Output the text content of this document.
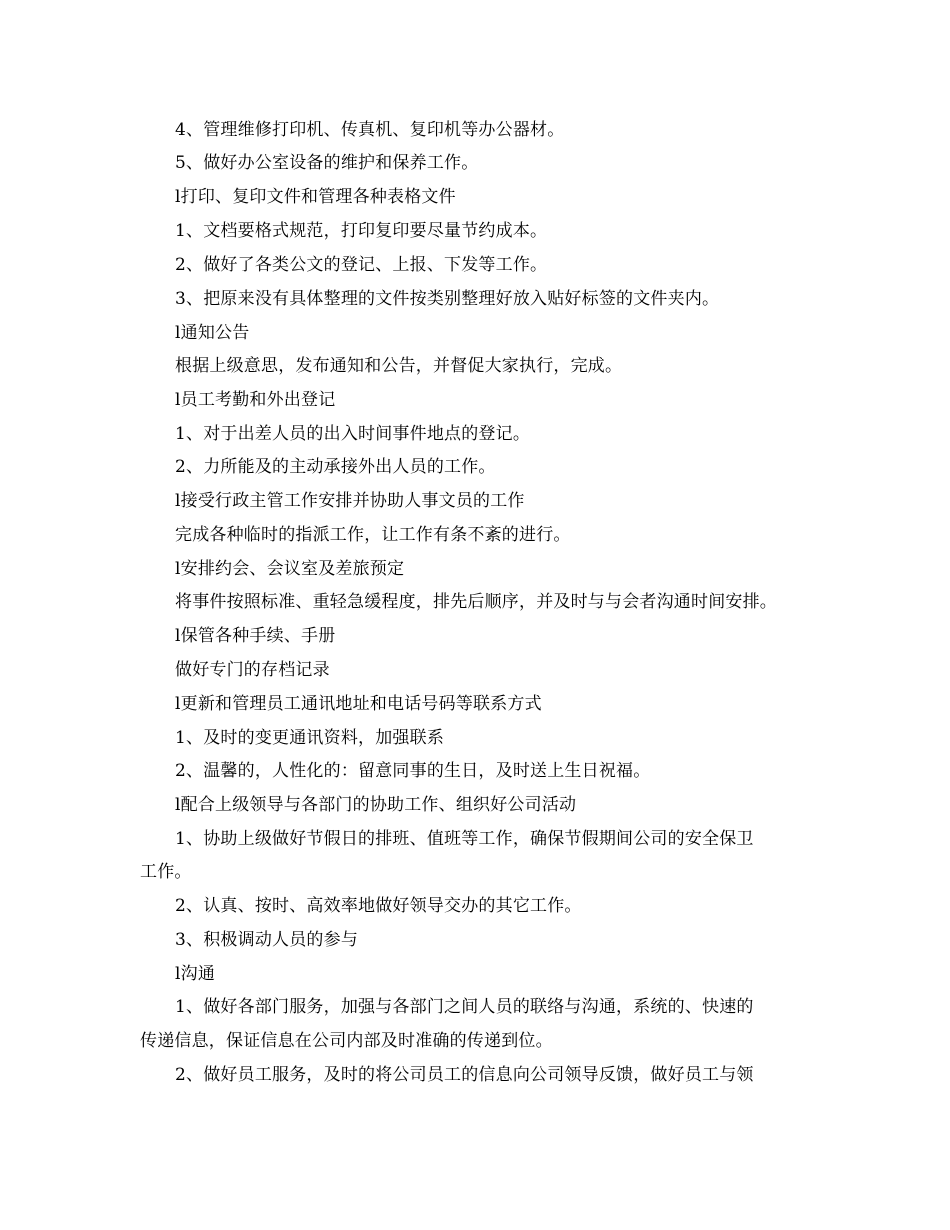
4、管理维修打印机、传真机、复印机等办公器材。
5、做好办公室设备的维护和保养工作。
l打印、复印文件和管理各种表格文件
1、文档要格式规范，打印复印要尽量节约成本。
2、做好了各类公文的登记、上报、下发等工作。
3、把原来没有具体整理的文件按类别整理好放入贴好标签的文件夹内。
l通知公告
根据上级意思，发布通知和公告，并督促大家执行，完成。
l员工考勤和外出登记
1、对于出差人员的出入时间事件地点的登记。
2、力所能及的主动承接外出人员的工作。
l接受行政主管工作安排并协助人事文员的工作
完成各种临时的指派工作，让工作有条不紊的进行。
l安排约会、会议室及差旅预定
将事件按照标准、重轻急缓程度，排先后顺序，并及时与与会者沟通时间安排。
l保管各种手续、手册
做好专门的存档记录
l更新和管理员工通讯地址和电话号码等联系方式
1、及时的变更通讯资料，加强联系
2、温馨的，人性化的：留意同事的生日，及时送上生日祝福。
l配合上级领导与各部门的协助工作、组织好公司活动
1、协助上级做好节假日的排班、值班等工作，确保节假期间公司的安全保卫
工作。
2、认真、按时、高效率地做好领导交办的其它工作。
3、积极调动人员的参与
l沟通
1、做好各部门服务，加强与各部门之间人员的联络与沟通，系统的、快速的
传递信息，保证信息在公司内部及时准确的传递到位。
2、做好员工服务，及时的将公司员工的信息向公司领导反馈，做好员工与领
